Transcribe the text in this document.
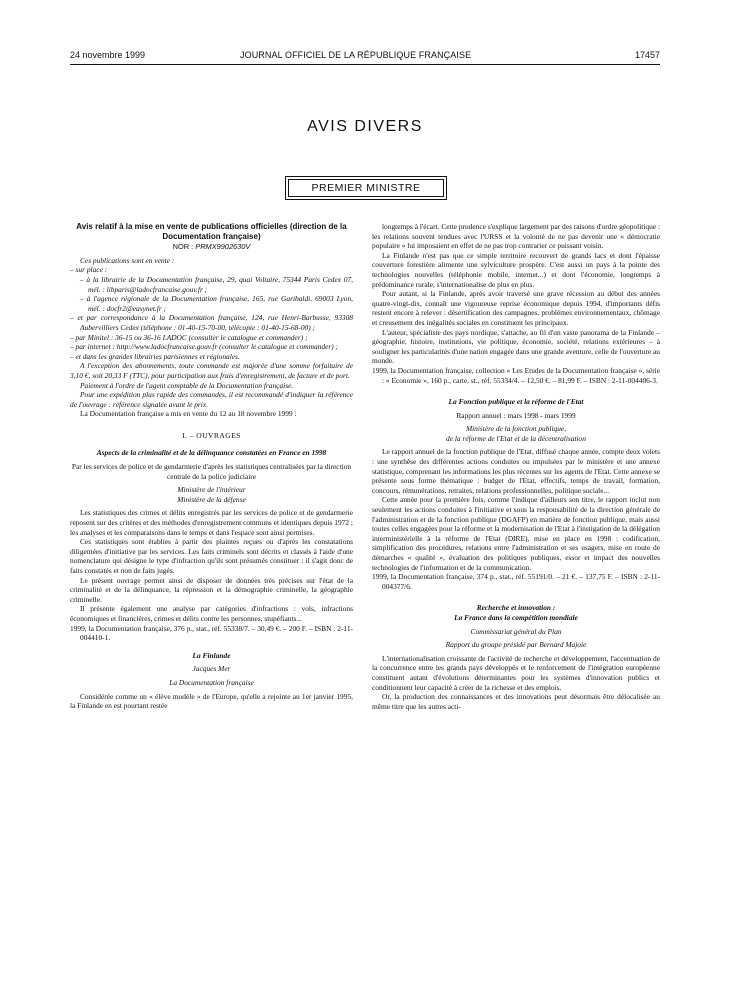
24 novembre 1999	JOURNAL OFFICIEL DE LA RÉPUBLIQUE FRANÇAISE	17457
AVIS DIVERS
PREMIER MINISTRE

Avis relatif à la mise en vente de publications officielles (direction de la Documentation française)

NOR : PRMX9902630V

Ces publications sont en vente :

– sur place :

– à la librairie de la Documentation française, 29, quai Voltaire, 75344 Paris Cedex 07, mél. : libparis@ladocfrancaise.gouv.fr ;

– à l'agence régionale de la Documentation française, 165, rue Garibaldi, 69003 Lyon, mél. : docfr2@easynet.fr ;

– et par correspondance à la Documentation française, 124, rue Henri-Barbusse, 93308 Aubervilliers Cedex (téléphone : 01-40-15-70-00, télécopie : 01-40-15-68-00) ;

– par Minitel : 36-15 ou 36-16 LADOC (consulter le catalogue et commander) ;

– par internet : http://www.ladocfrancaise.gouv.fr (consulter le catalogue et commander) ;

– et dans les grandes librairies parisiennes et régionales.

A l'exception des abonnements, toute commande est majorée d'une somme forfaitaire de 3,10 €, soit 20,33 F (TTC), pour participation aux frais d'enregistrement, de facture et de port.

Paiement à l'ordre de l'agent comptable de la Documentation française.

Pour une expédition plus rapide des commandes, il est recommandé d'indiquer la référence de l'ouvrage : référence signalée avant le prix.

La Documentation française a mis en vente du 12 au 18 novembre 1999 :

I. – OUVRAGES

Aspects de la criminalité et de la délinquance constatées en France en 1998

Par les services de police et de gendarmerie d'après les statistiques centralisées par la direction centrale de la police judiciaire

Ministère de l'intérieur

Ministère de la défense

Les statistiques des crimes et délits enregistrés par les services de police et de gendarmerie reposent sur des critères et des méthodes d'enregistrement communs et identiques depuis 1972 ; les analyses et les comparaisons dans le temps et dans l'espace sont ainsi permises.

Ces statistiques sont établies à partir des plaintes reçues ou d'après les constatations diligentées d'initiative par les services. Les faits criminels sont décrits et classés à l'aide d'une nomenclature qui désigne le type d'infraction qu'ils sont présumés constituer : il s'agit donc de faits constatés et non de faits jugés.

Le présent ouvrage permet ainsi de disposer de données très précises sur l'état de la criminalité et de la délinquance, la répression et la démographie criminelle, la géographie criminelle.

Il présente également une analyse par catégories d'infractions : vols, infractions économiques et financières, crimes et délits contre les personnes, stupéfiants...

1999, la Documentation française, 376 p., stat., réf. 55338/7. – 30,49 €. – 200 F. – ISBN : 2-11-004410-1.

La Finlande

Jacques Mer

La Documentation française

Considérée comme un « élève modèle » de l'Europe, qu'elle a rejointe au 1er janvier 1995, la Finlande en est pourtant restée

longtemps à l'écart. Cette prudence s'explique largement par des raisons d'ordre géopolitique : les relations souvent tendues avec l'URSS et la volonté de ne pas devenir une « démocratie populaire » lui imposaient en effet de ne pas trop contrarier ce puissant voisin.

La Finlande n'est pas que ce simple territoire recouvert de grands lacs et dont l'épaisse couverture forestière alimente une sylviculture prospère. C'est aussi un pays à la pointe des technologies nouvelles (téléphonie mobile, internet...) et dont l'économie, longtemps à prédominance rurale, s'internationalise de plus en plus.

Pour autant, si la Finlande, après avoir traversé une grave récession au début des années quatre-vingt-dix, connaît une vigoureuse reprise économique depuis 1994, d'importants défis restent encore à relever : désertification des campagnes, problèmes environnementaux, chômage et creusement des inégalités sociales en constituent les principaux.

L'auteur, spécialiste des pays nordique, s'attache, au fil d'un vaste panorama de la Finlande – géographie, histoire, institutions, vie politique, économie, société, relations extérieures – à souligner les particularités d'une nation engagée dans une grande aventure, celle de l'ouverture au monde.

1999, la Documentation française, collection « Les Etudes de la Documentation française », série : « Economie », 160 p., carte, st., réf. 55334/4. – 12,50 €. – 81,99 F. – ISBN : 2-11-004406-3.

La Fonction publique et la réforme de l'Etat

Rapport annuel : mars 1998 - mars 1999

Ministère de la fonction publique,

de la réforme de l'Etat et de la décentralisation

Le rapport annuel de la fonction publique de l'Etat, diffusé chaque année, compte deux volets : une synthèse des différentes actions conduites ou impulsées par le ministère et une annexe statistique, comprenant les informations les plus récentes sur les agents de l'Etat. Cette annexe se présente sous forme thématique : budget de l'Etat, effectifs, temps de travail, formation, concours, rémunérations, retraites, relations professionnelles, politique sociale...

Cette année pour la première fois, comme l'indique d'ailleurs son titre, le rapport inclut non seulement les actions conduites à l'initiative et sous la responsabilité de la direction générale de l'administration et de la fonction publique (DGAFP) en matière de fonction publique, mais aussi toutes celles engagées pour la réforme et la modernisation de l'Etat à l'instigation de la délégation interministérielle à la réforme de l'Etat (DIRE), mise en place en 1998 : codification, simplification des procédures, relations entre l'administration et ses usagers, mise en route de démarches « qualité », évaluation des politiques publiques, essor et impact des nouvelles technologies de l'information et de la communication.

1999, la Documentation française, 374 p., stat., réf. 55191/0. – 21 €. – 137,75 F. – ISBN : 2-11-004377/6.

Recherche et innovation :

La France dans la compétition mondiale

Commissariat général du Plan

Rapport du groupe présidé par Bernard Majoie

L'internationalisation croissante de l'activité de recherche et développement, l'accentuation de la concurrence entre les grands pays développés et le renforcement de l'intégration européenne constituent autant d'évolutions déterminantes pour les systèmes d'innovation publics et conditionnent leur capacité à créer de la richesse et des emplois.

Or, la production des connaissances et des innovations peut désormais être délocalisée au même titre que les autres acti-
